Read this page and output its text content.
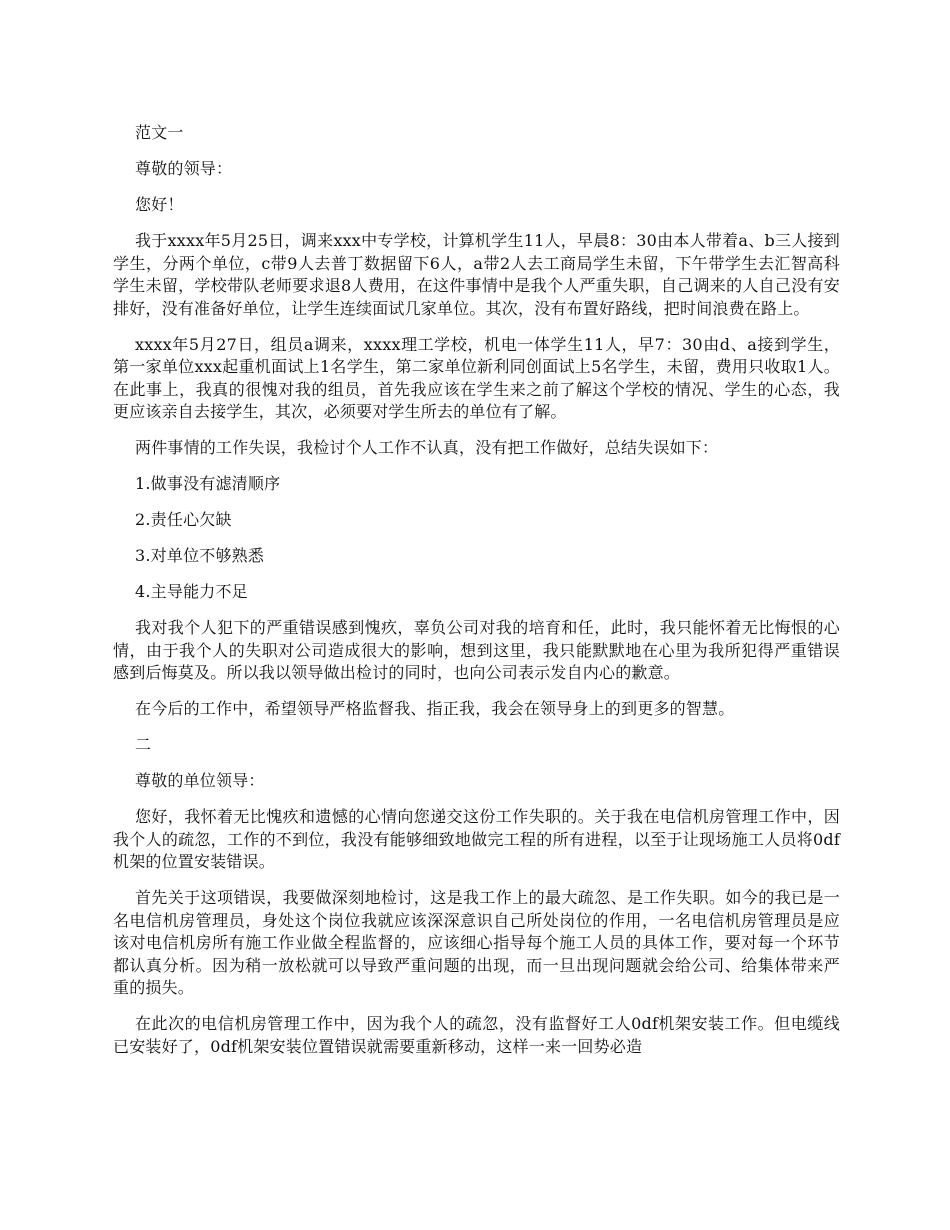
范文一

尊敬的领导：

您好！

我于xxxx年5月25日，调来xxx中专学校，计算机学生11人，早晨8：30由本人带着a、b三人接到学生，分两个单位，c带9人去普丁数据留下6人，a带2人去工商局学生未留，下午带学生去汇智高科学生未留，学校带队老师要求退8人费用，在这件事情中是我个人严重失职，自己调来的人自己没有安排好，没有准备好单位，让学生连续面试几家单位。其次，没有布置好路线，把时间浪费在路上。

xxxx年5月27日，组员a调来，xxxx理工学校，机电一体学生11人，早7：30由d、a接到学生，第一家单位xxx起重机面试上1名学生，第二家单位新利同创面试上5名学生，未留，费用只收取1人。在此事上，我真的很愧对我的组员，首先我应该在学生来之前了解这个学校的情况、学生的心态，我更应该亲自去接学生，其次，必须要对学生所去的单位有了解。

两件事情的工作失误，我检讨个人工作不认真，没有把工作做好，总结失误如下：

1.做事没有滤清顺序

2.责任心欠缺

3.对单位不够熟悉

4.主导能力不足

我对我个人犯下的严重错误感到愧疚，辜负公司对我的培育和任，此时，我只能怀着无比悔恨的心情，由于我个人的失职对公司造成很大的影响，想到这里，我只能默默地在心里为我所犯得严重错误感到后悔莫及。所以我以领导做出检讨的同时，也向公司表示发自内心的歉意。

在今后的工作中，希望领导严格监督我、指正我，我会在领导身上的到更多的智慧。

二

尊敬的单位领导：

您好，我怀着无比愧疚和遗憾的心情向您递交这份工作失职的。关于我在电信机房管理工作中，因我个人的疏忽，工作的不到位，我没有能够细致地做完工程的所有进程，以至于让现场施工人员将0df机架的位置安装错误。

首先关于这项错误，我要做深刻地检讨，这是我工作上的最大疏忽、是工作失职。如今的我已是一名电信机房管理员，身处这个岗位我就应该深深意识自己所处岗位的作用，一名电信机房管理员是应该对电信机房所有施工作业做全程监督的，应该细心指导每个施工人员的具体工作，要对每一个环节都认真分析。因为稍一放松就可以导致严重问题的出现，而一旦出现问题就会给公司、给集体带来严重的损失。

在此次的电信机房管理工作中，因为我个人的疏忽，没有监督好工人0df机架安装工作。但电缆线已安装好了，0df机架安装位置错误就需要重新移动，这样一来一回势必造
